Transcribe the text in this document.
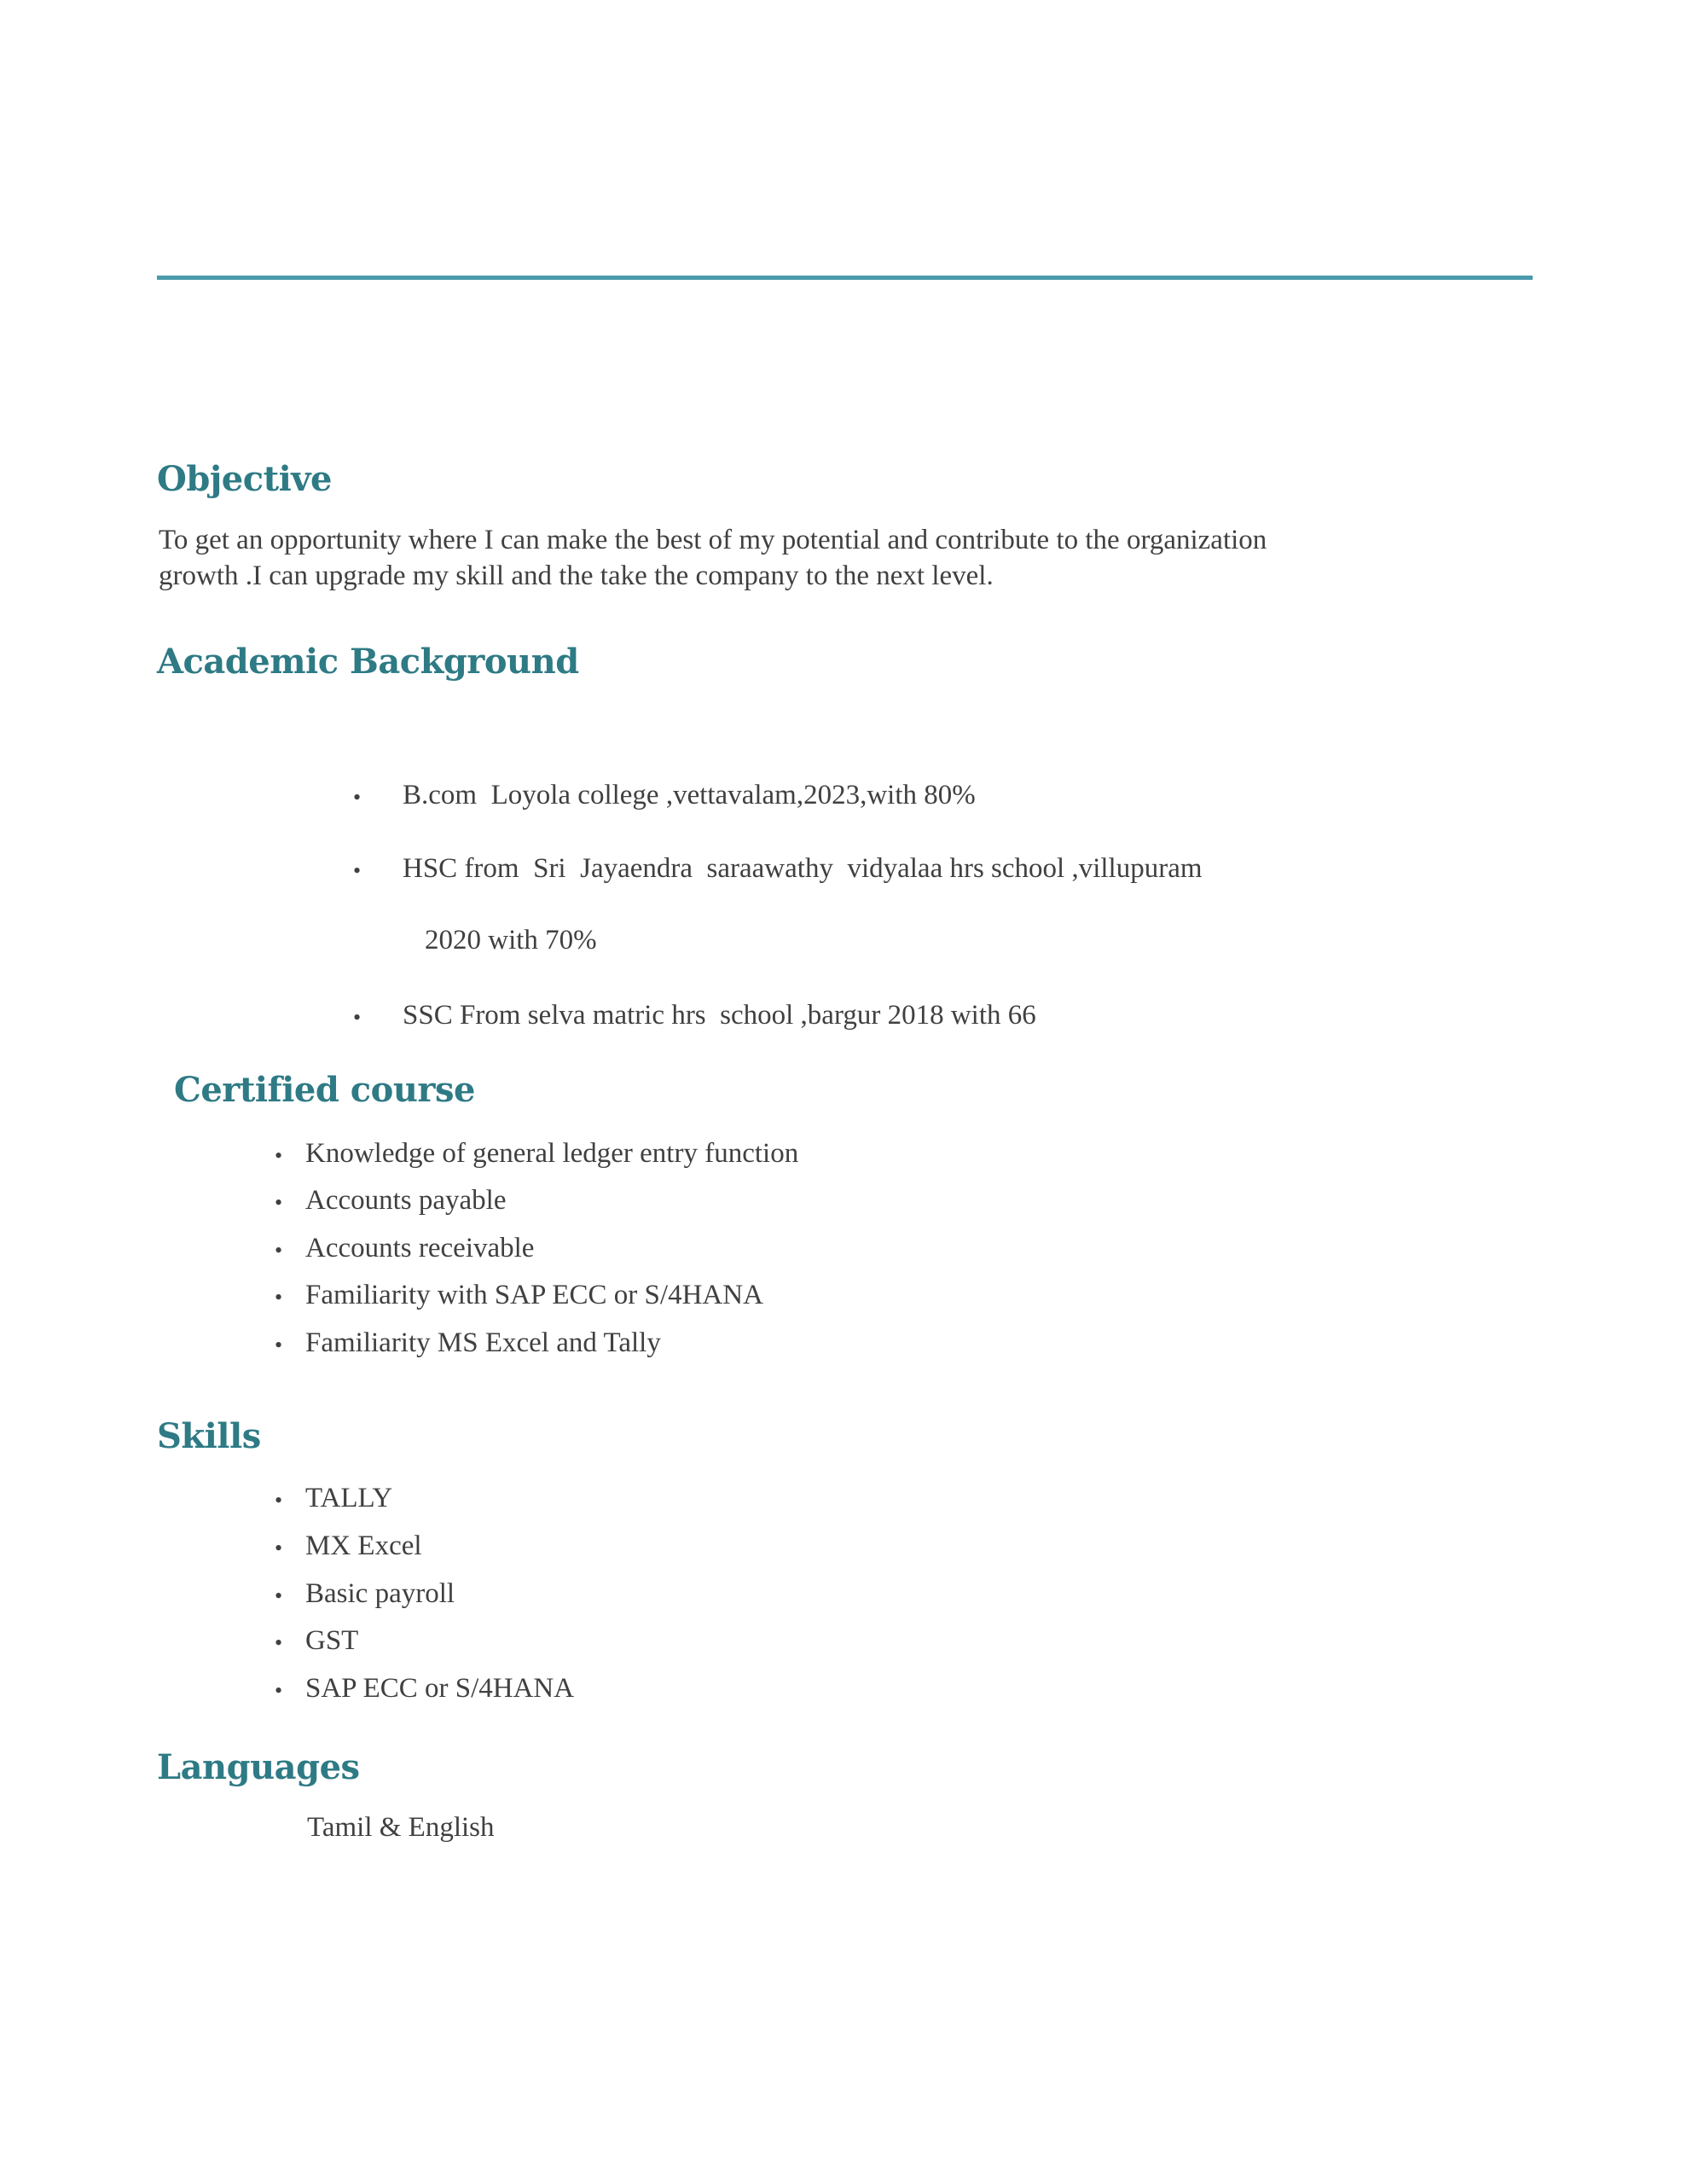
Objective

To get an opportunity where I can make the best of my potential and contribute to the organization

growth .I can upgrade my skill and the take the company to the next level.

Academic Background
• B.com  Loyola college ,vettavalam,2023,with 80%

• HSC from  Sri  Jayaendra  saraawathy  vidyalaa hrs school ,villupuram

2020 with 70%

• SSC From selva matric hrs  school ,bargur 2018 with 66

Certified course
• Knowledge of general ledger entry function

• Accounts payable

• Accounts receivable

• Familiarity with SAP ECC or S/4HANA

• Familiarity MS Excel and Tally

Skills
• TALLY

• MX Excel

• Basic payroll

• GST

• SAP ECC or S/4HANA

Languages

Tamil & English
